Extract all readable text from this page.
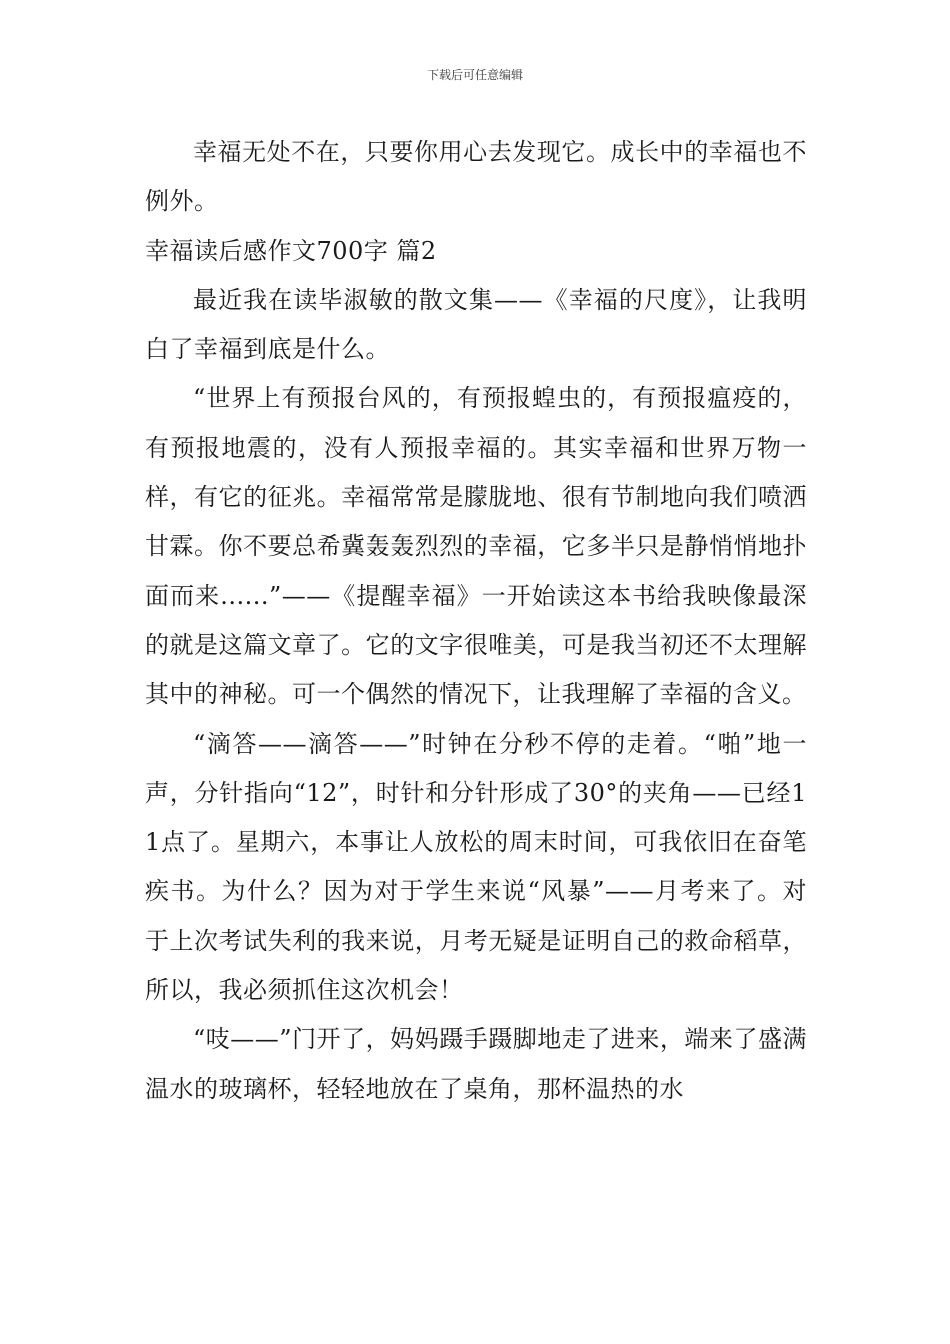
下载后可任意编辑

幸福无处不在，只要你用心去发现它。成长中的幸福也不例外。

幸福读后感作文700字 篇2

最近我在读毕淑敏的散文集——《幸福的尺度》，让我明白了幸福到底是什么。

“世界上有预报台风的，有预报蝗虫的，有预报瘟疫的，有预报地震的，没有人预报幸福的。其实幸福和世界万物一样，有它的征兆。幸福常常是朦胧地、很有节制地向我们喷洒甘霖。你不要总希冀轰轰烈烈的幸福，它多半只是静悄悄地扑面而来......”——《提醒幸福》一开始读这本书给我映像最深的就是这篇文章了。它的文字很唯美，可是我当初还不太理解其中的神秘。可一个偶然的情况下，让我理解了幸福的含义。

“滴答——滴答——”时钟在分秒不停的走着。“啪”地一声，分针指向“12”，时针和分针形成了30°的夹角——已经11点了。星期六，本事让人放松的周末时间，可我依旧在奋笔疾书。为什么？因为对于学生来说“风暴”——月考来了。对于上次考试失利的我来说，月考无疑是证明自己的救命稻草，所以，我必须抓住这次机会！

“吱——”门开了，妈妈蹑手蹑脚地走了进来，端来了盛满温水的玻璃杯，轻轻地放在了桌角，那杯温热的水
